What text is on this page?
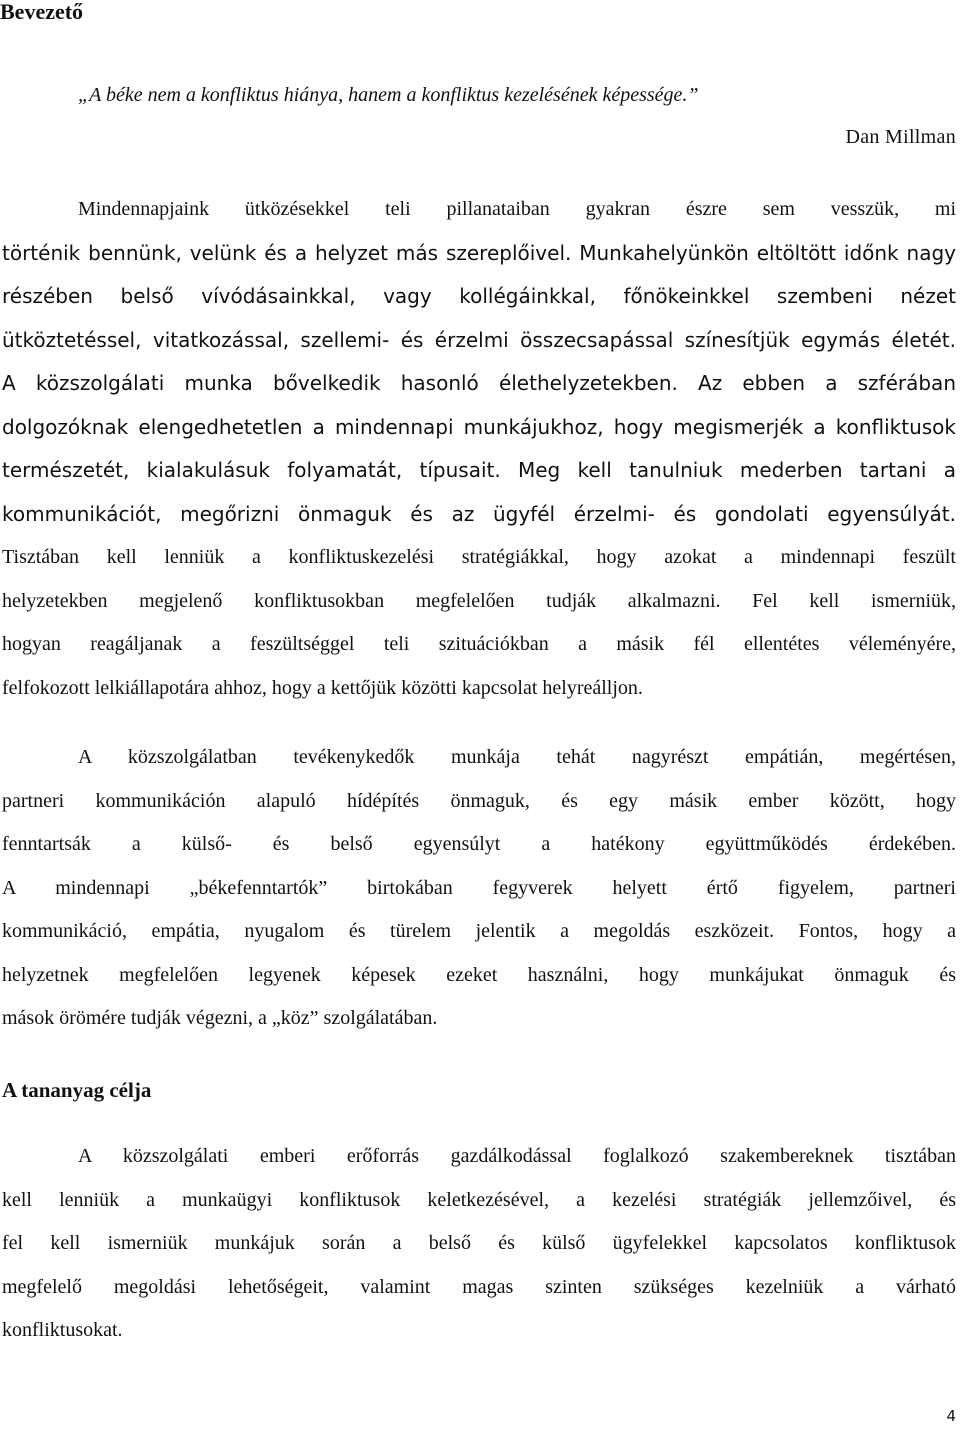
Bevezető

„A béke nem a konfliktus hiánya, hanem a konfliktus kezelésének képessége.”

Dan Millman

Mindennapjaink ütközésekkel teli pillanataiban gyakran észre sem vesszük, mi
történik bennünk, velünk és a helyzet más szereplőivel. Munkahelyünkön eltöltött időnk nagy
részében belső vívódásainkkal, vagy kollégáinkkal, főnökeinkkel szembeni nézet
ütköztetéssel, vitatkozással, szellemi- és érzelmi összecsapással színesítjük egymás életét.
A közszolgálati munka bővelkedik hasonló élethelyzetekben. Az ebben a szférában
dolgozóknak elengedhetetlen a mindennapi munkájukhoz, hogy megismerjék a konfliktusok
természetét, kialakulásuk folyamatát, típusait. Meg kell tanulniuk mederben tartani a
kommunikációt, megőrizni önmaguk és az ügyfél érzelmi- és gondolati egyensúlyát.
Tisztában kell lenniük a konfliktuskezelési stratégiákkal, hogy azokat a mindennapi feszült
helyzetekben megjelenő konfliktusokban megfelelően tudják alkalmazni. Fel kell ismerniük,
hogyan reagáljanak a feszültséggel teli szituációkban a másik fél ellentétes véleményére,
felfokozott lelkiállapotára ahhoz, hogy a kettőjük közötti kapcsolat helyreálljon.
A közszolgálatban tevékenykedők munkája tehát nagyrészt empátián, megértésen,
partneri kommunikáción alapuló hídépítés önmaguk, és egy másik ember között, hogy
fenntartsák a külső- és belső egyensúlyt a hatékony együttműködés érdekében.
A mindennapi „békefenntartók” birtokában fegyverek helyett értő figyelem, partneri
kommunikáció, empátia, nyugalom és türelem jelentik a megoldás eszközeit. Fontos, hogy a
helyzetnek megfelelően legyenek képesek ezeket használni, hogy munkájukat önmaguk és
mások örömére tudják végezni, a „köz” szolgálatában.
A tananyag célja
A közszolgálati emberi erőforrás gazdálkodással foglalkozó szakembereknek tisztában
kell lenniük a munkaügyi konfliktusok keletkezésével, a kezelési stratégiák jellemzőivel, és
fel kell ismerniük munkájuk során a belső és külső ügyfelekkel kapcsolatos konfliktusok
megfelelő megoldási lehetőségeit, valamint magas szinten szükséges kezelniük a várható
konfliktusokat.

4
